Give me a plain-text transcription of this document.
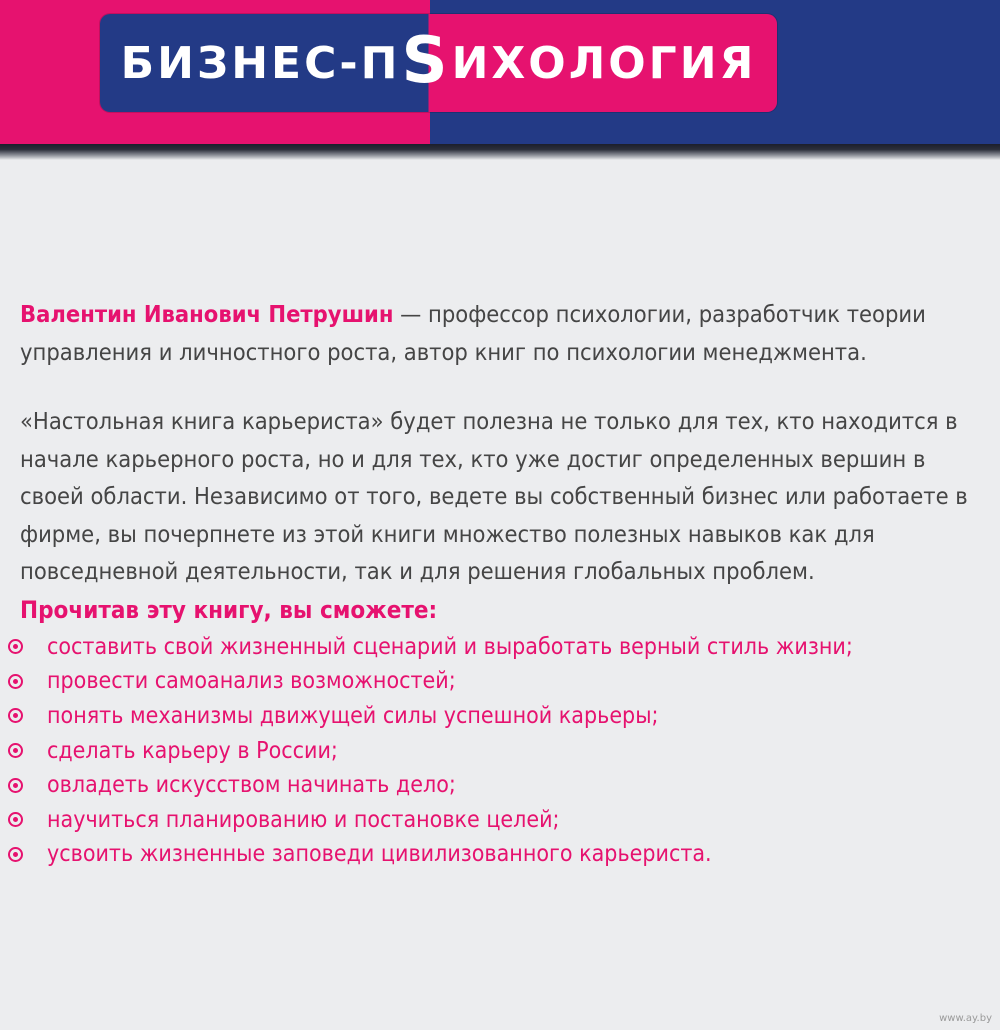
БИЗНЕС-П S ИХОЛОГИЯ

Валентин Иванович Петрушин — профессор психологии, разработчик теории управления и личностного роста, автор книг по психологии менеджмента.

«Настольная книга карьериста» будет полезна не только для тех, кто находится в начале карьерного роста, но и для тех, кто уже достиг определенных вершин в своей области. Независимо от того, ведете вы собственный бизнес или работаете в фирме, вы почерпнете из этой книги множество полезных навыков как для повседневной деятельности, так и для решения глобальных проблем.

Прочитав эту книгу, вы сможете:

составить свой жизненный сценарий и выработать верный стиль жизни;
провести самоанализ возможностей;
понять механизмы движущей силы успешной карьеры;
сделать карьеру в России;
овладеть искусством начинать дело;
научиться планированию и постановке целей;
усвоить жизненные заповеди цивилизованного карьериста.
www.ay.by
